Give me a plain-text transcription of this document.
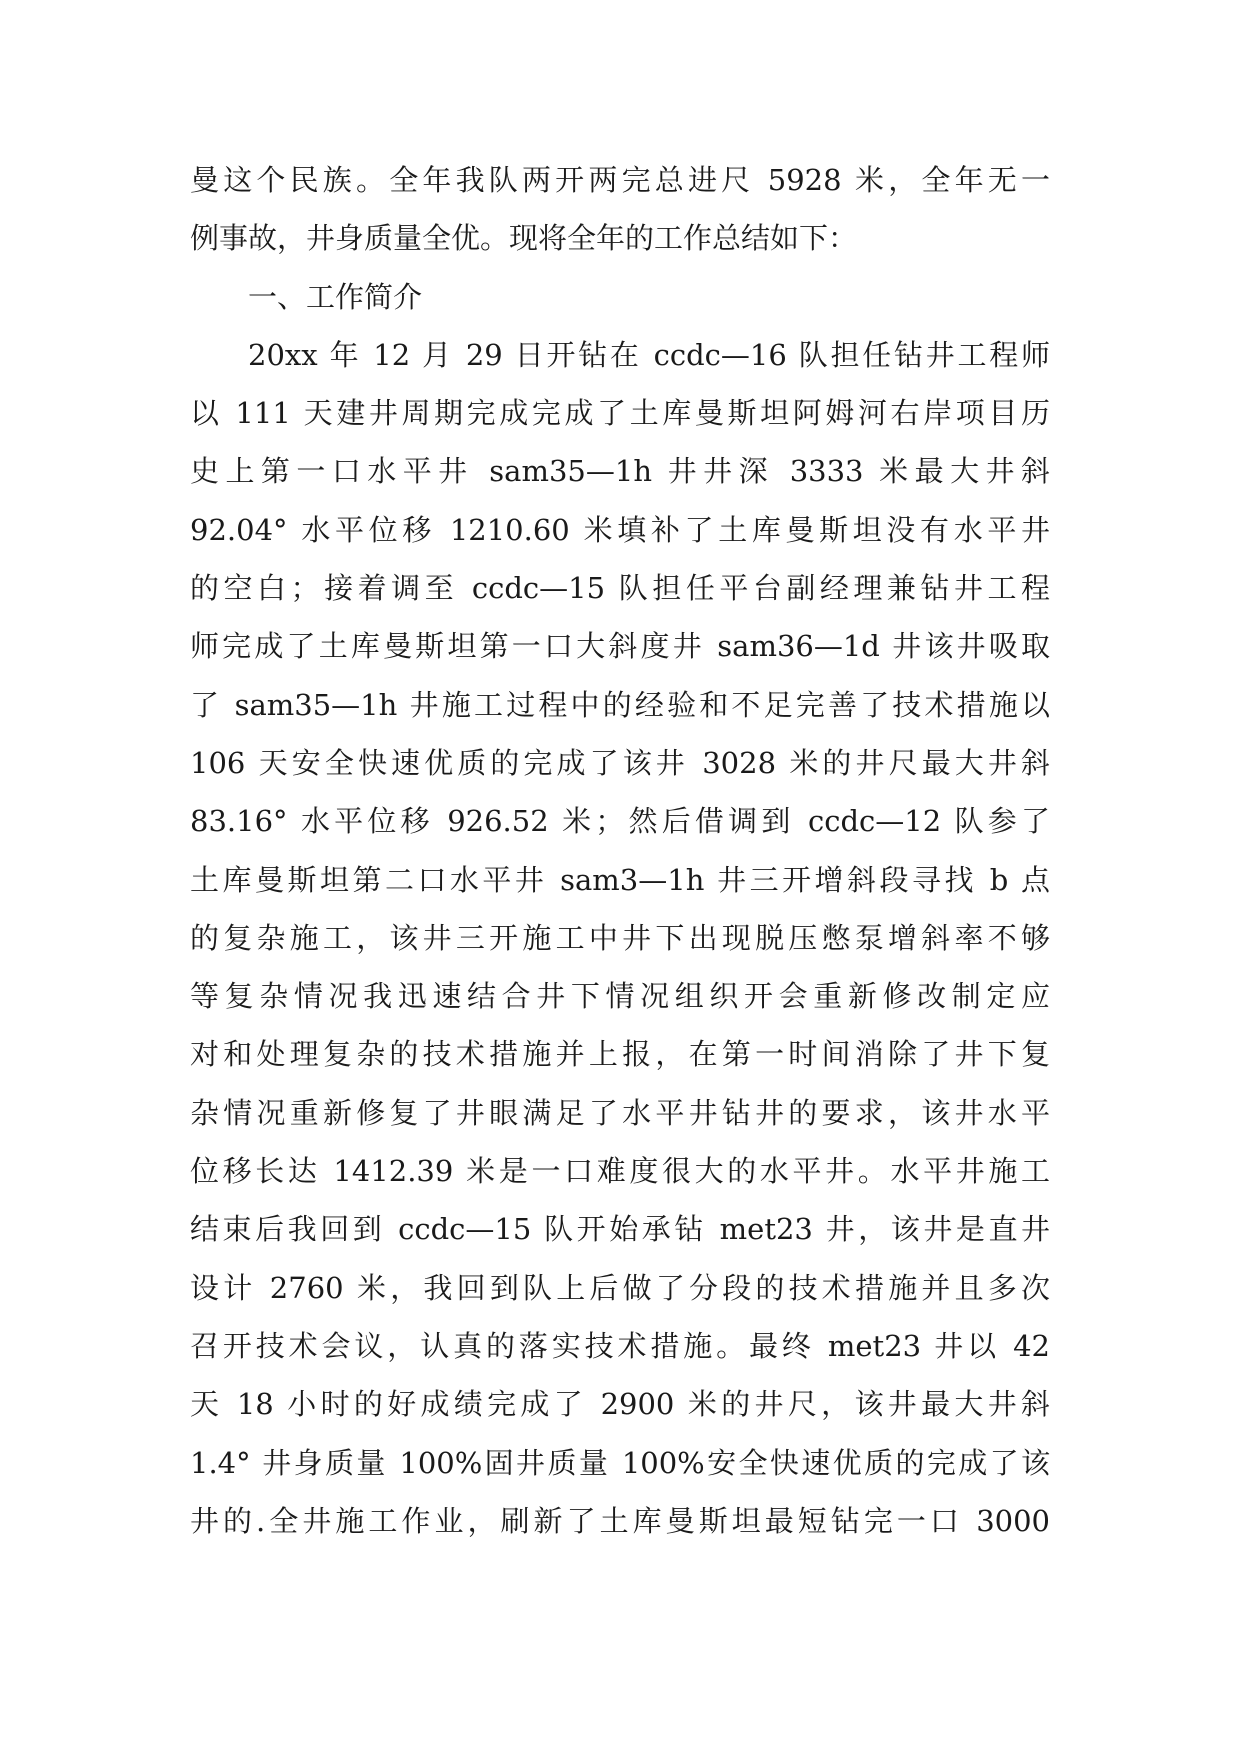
曼这个民族。全年我队两开两完总进尺 5928 米，全年无一
例事故，井身质量全优。现将全年的工作总结如下：
一、工作简介
20xx 年 12 月 29 日开钻在 ccdc—16 队担任钻井工程师
以 111 天建井周期完成完成了土库曼斯坦阿姆河右岸项目历
史上第一口水平井 sam35—1h 井井深 3333 米最大井斜
92.04° 水平位移 1210.60 米填补了土库曼斯坦没有水平井
的空白；接着调至 ccdc—15 队担任平台副经理兼钻井工程
师完成了土库曼斯坦第一口大斜度井 sam36—1d 井该井吸取
了 sam35—1h 井施工过程中的经验和不足完善了技术措施以
106 天安全快速优质的完成了该井 3028 米的井尺最大井斜
83.16° 水平位移 926.52 米；然后借调到 ccdc—12 队参了
土库曼斯坦第二口水平井 sam3—1h 井三开增斜段寻找 b 点
的复杂施工，该井三开施工中井下出现脱压憋泵增斜率不够
等复杂情况我迅速结合井下情况组织开会重新修改制定应
对和处理复杂的技术措施并上报，在第一时间消除了井下复
杂情况重新修复了井眼满足了水平井钻井的要求，该井水平
位移长达 1412.39 米是一口难度很大的水平井。水平井施工
结束后我回到 ccdc—15 队开始承钻 met23 井，该井是直井
设计 2760 米，我回到队上后做了分段的技术措施并且多次
召开技术会议，认真的落实技术措施。最终 met23 井以 42
天 18 小时的好成绩完成了 2900 米的井尺，该井最大井斜
1.4° 井身质量 100%固井质量 100%安全快速优质的完成了该
井的.全井施工作业，刷新了土库曼斯坦最短钻完一口 3000
